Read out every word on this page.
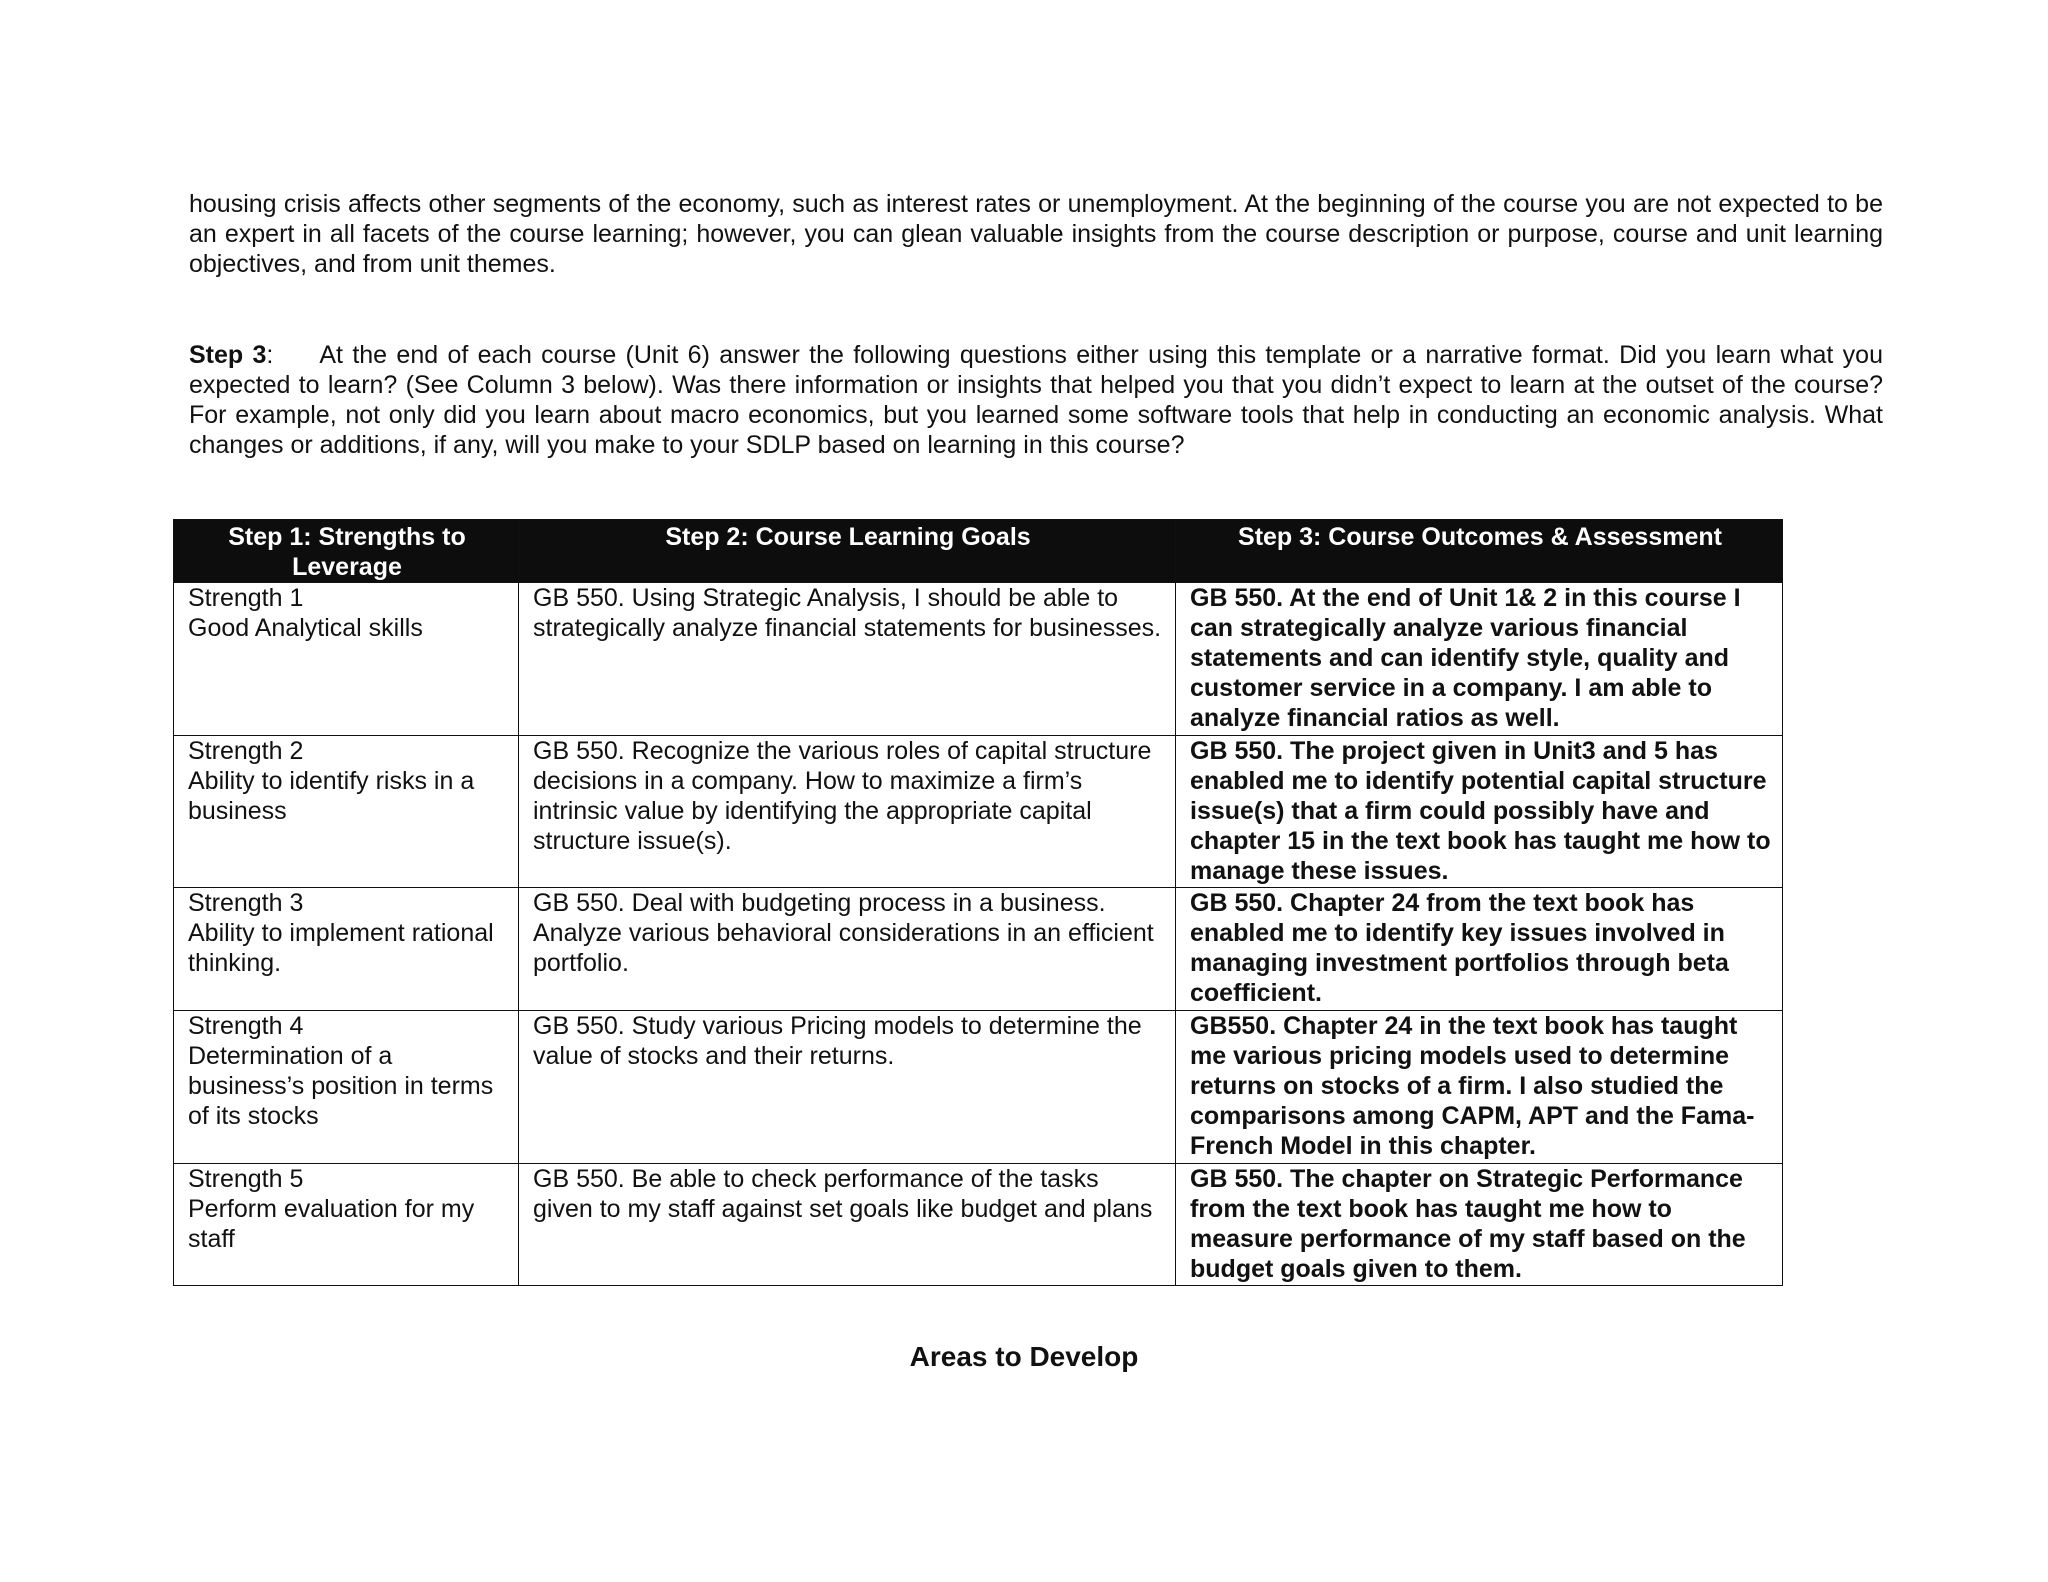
housing crisis affects other segments of the economy, such as interest rates or unemployment. At the beginning of the course you are not expected to be an expert in all facets of the course learning; however, you can glean valuable insights from the course description or purpose, course and unit learning objectives, and from unit themes.

Step 3: At the end of each course (Unit 6) answer the following questions either using this template or a narrative format. Did you learn what you expected to learn? (See Column 3 below). Was there information or insights that helped you that you didn’t expect to learn at the outset of the course? For example, not only did you learn about macro economics, but you learned some software tools that help in conducting an economic analysis. What changes or additions, if any, will you make to your SDLP based on learning in this course?

Step 1: Strengths to Leverage	Step 2: Course Learning Goals	Step 3: Course Outcomes & Assessment

Strength 1
Good Analytical skills	GB 550. Using Strategic Analysis, I should be able to strategically analyze financial statements for businesses.	GB 550. At the end of Unit 1& 2 in this course I can strategically analyze various financial statements and can identify style, quality and customer service in a company. I am able to analyze financial ratios as well.

Strength 2
Ability to identify risks in a business	GB 550. Recognize the various roles of capital structure decisions in a company. How to maximize a firm’s intrinsic value by identifying the appropriate capital structure issue(s).	GB 550. The project given in Unit3 and 5 has enabled me to identify potential capital structure issue(s) that a firm could possibly have and chapter 15 in the text book has taught me how to manage these issues.

Strength 3
Ability to implement rational thinking.	GB 550. Deal with budgeting process in a business. Analyze various behavioral considerations in an efficient portfolio.	GB 550. Chapter 24 from the text book has enabled me to identify key issues involved in managing investment portfolios through beta coefficient.

Strength 4
Determination of a business’s position in terms of its stocks	GB 550. Study various Pricing models to determine the value of stocks and their returns.	GB550. Chapter 24 in the text book has taught me various pricing models used to determine returns on stocks of a firm. I also studied the comparisons among CAPM, APT and the Fama-French Model in this chapter.

Strength 5
Perform evaluation for my staff	GB 550. Be able to check performance of the tasks given to my staff against set goals like budget and plans	GB 550. The chapter on Strategic Performance from the text book has taught me how to measure performance of my staff based on the budget goals given to them.

Areas to Develop
